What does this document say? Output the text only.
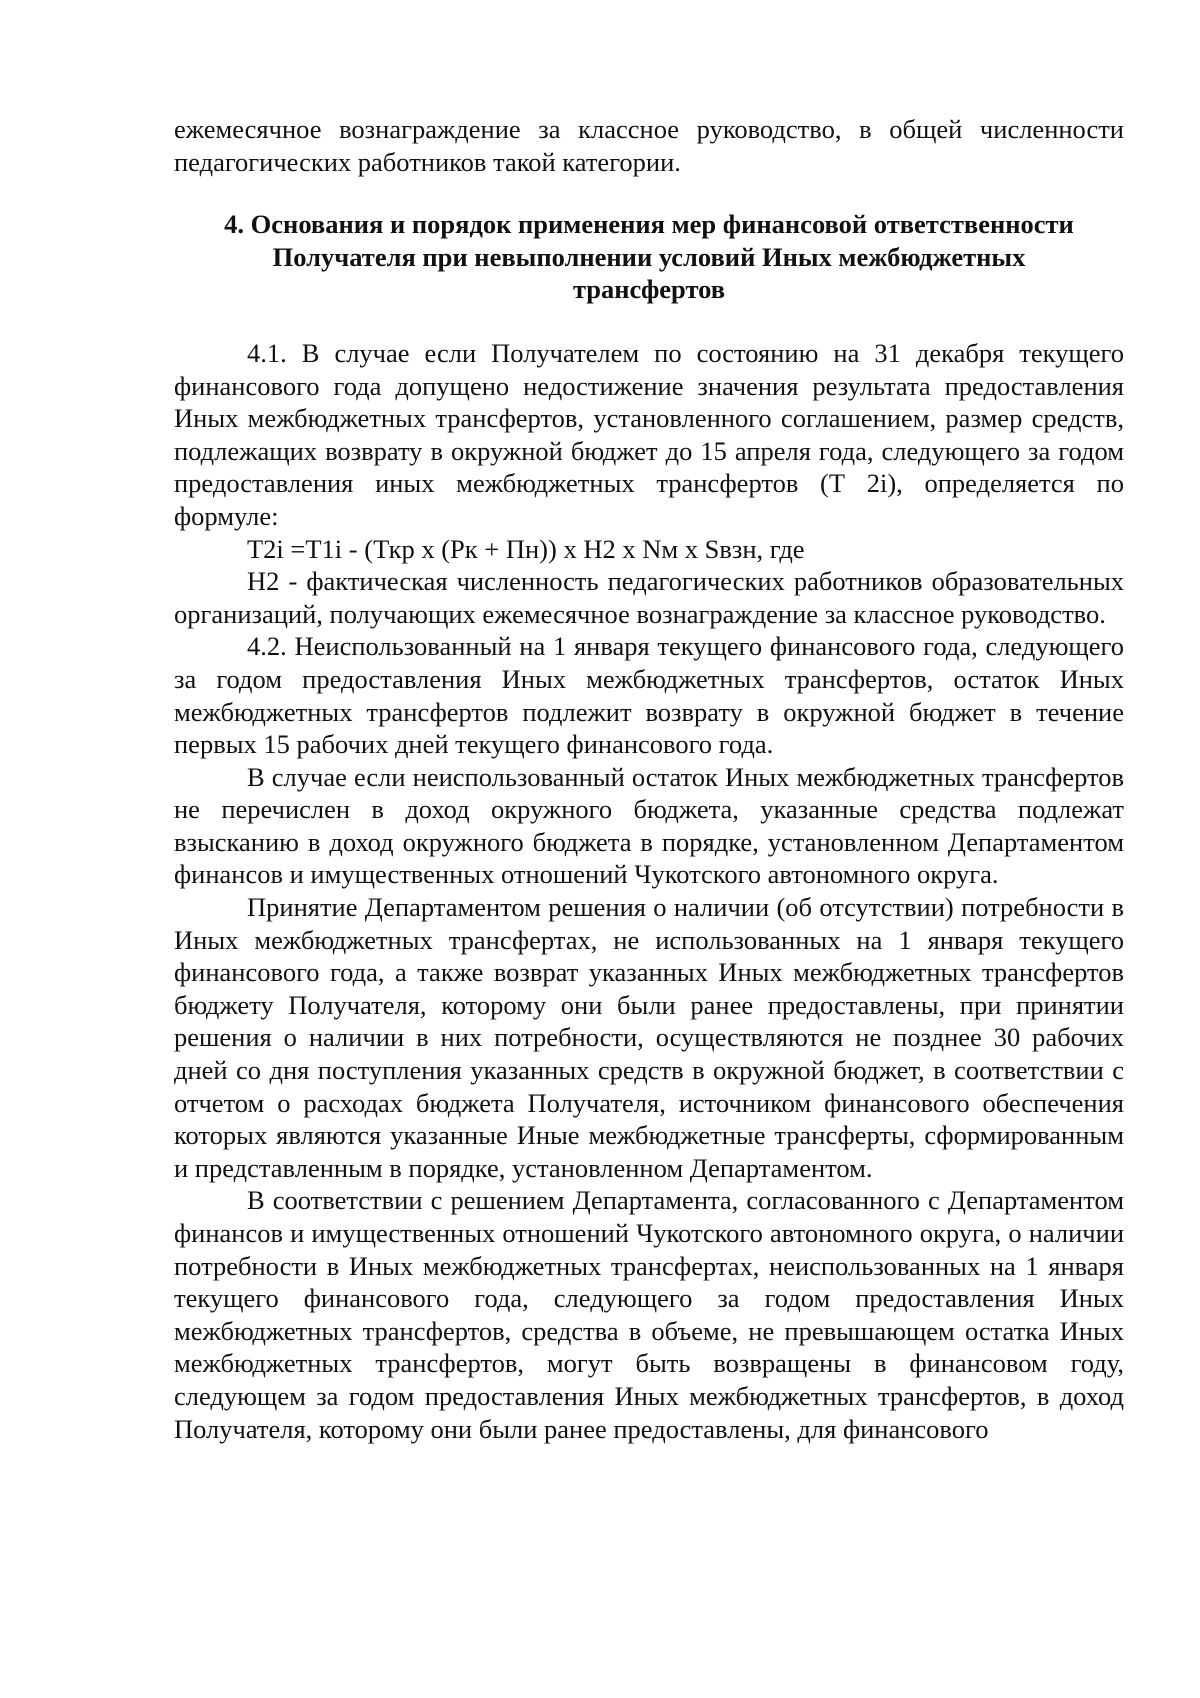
ежемесячное вознаграждение за классное руководство, в общей численности педагогических работников такой категории.

4. Основания и порядок применения мер финансовой ответственности Получателя при невыполнении условий Иных межбюджетных трансфертов

4.1. В случае если Получателем по состоянию на 31 декабря текущего финансового года допущено недостижение значения результата предоставления Иных межбюджетных трансфертов, установленного соглашением, размер средств, подлежащих возврату в окружной бюджет до 15 апреля года, следующего за годом предоставления иных межбюджетных трансфертов (Т 2i), определяется по формуле:

Т2i =Т1i - (Ткр х (Рк + Пн)) х Н2 х Nм х Sвзн, где

Н2 - фактическая численность педагогических работников образовательных организаций, получающих ежемесячное вознаграждение за классное руководство.

4.2. Неиспользованный на 1 января текущего финансового года, следующего за годом предоставления Иных межбюджетных трансфертов, остаток Иных межбюджетных трансфертов подлежит возврату в окружной бюджет в течение первых 15 рабочих дней текущего финансового года.

В случае если неиспользованный остаток Иных межбюджетных трансфертов не перечислен в доход окружного бюджета, указанные средства подлежат взысканию в доход окружного бюджета в порядке, установленном Департаментом финансов и имущественных отношений Чукотского автономного округа.

Принятие Департаментом решения о наличии (об отсутствии) потребности в Иных межбюджетных трансфертах, не использованных на 1 января текущего финансового года, а также возврат указанных Иных межбюджетных трансфертов бюджету Получателя, которому они были ранее предоставлены, при принятии решения о наличии в них потребности, осуществляются не позднее 30 рабочих дней со дня поступления указанных средств в окружной бюджет, в соответствии с отчетом о расходах бюджета Получателя, источником финансового обеспечения которых являются указанные Иные межбюджетные трансферты, сформированным и представленным в порядке, установленном Департаментом.

В соответствии с решением Департамента, согласованного с Департаментом финансов и имущественных отношений Чукотского автономного округа, о наличии потребности в Иных межбюджетных трансфертах, неиспользованных на 1 января текущего финансового года, следующего за годом предоставления Иных межбюджетных трансфертов, средства в объеме, не превышающем остатка Иных межбюджетных трансфертов, могут быть возвращены в финансовом году, следующем за годом предоставления Иных межбюджетных трансфертов, в доход Получателя, которому они были ранее предоставлены, для финансового
